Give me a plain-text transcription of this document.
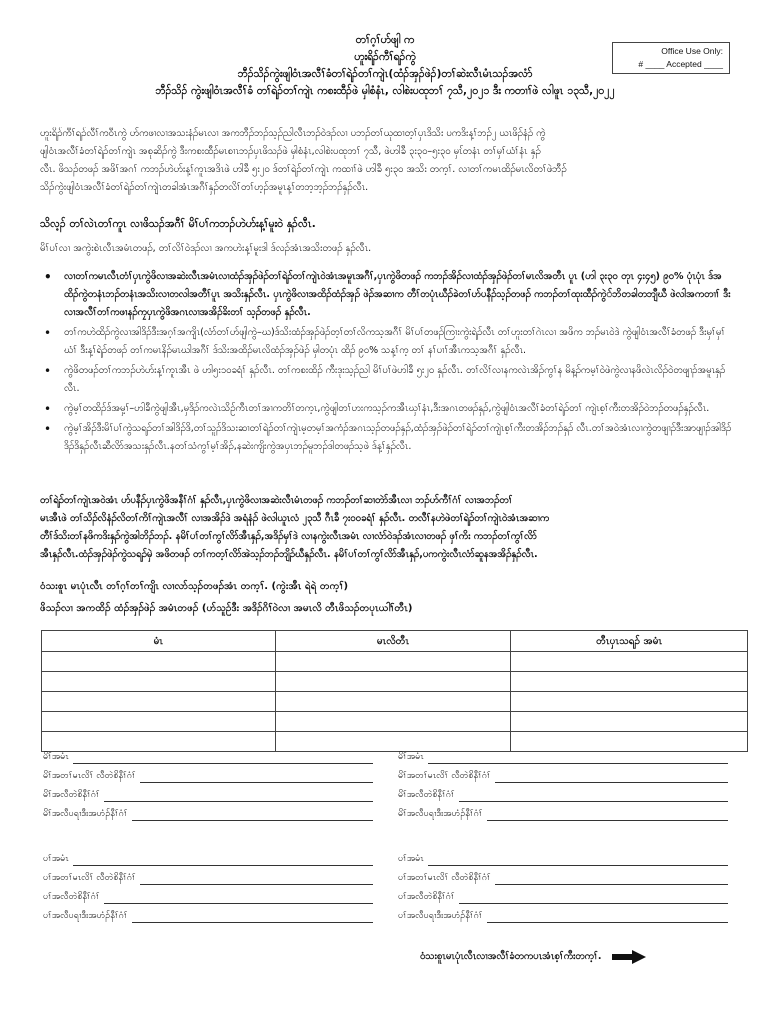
Office Use Only:
# ____ Accepted ____
တၢ်ဂ့ၢ်ဟ်ဖျါ က
ဟူးရိၣ်ကီၢ်ရၣ်ကွဲ
ဘီၣ်သိၣ်ကွဲးဖျါဝံၤအလီၢ်ခံတၢ်ရဲၣ်တၢ်ကျဲၤ(ထံၣ်အှၣ်ဖဲၣ်)တၢ်ဆဲးလီၤမံၤသၣ်အလံာ်
ဘီၣ်သိၣ် ကွဲးဖျါဝံၤအလီၢ်ခံ တၢ်ရဲၣ်တၢ်ကျဲၤ ကစးထီၣ်ဖဲ မှါစံနံၤ, လါစဲးပထုဘၢ် ၇သီ,၂၀၂၁ ဒီး ကတၢၢ်ဖဲ လါဖူၤ ၁၃သီ,၂၀၂၂
ဟူးရိၣ်ကီၢ်ရၣ်လီၢ်ကဝီၤကွဲ ဟ်ကဖၢလၢအသးနံၣ်မၤလၢ အကဘီၣ်ဘၣ်သ့ၣ်ညါလီၤဘၣ်ဝဲဒၣ်လၢ ပဘၣ်တၢ်ယုထၢတ့ၢ်ပှၤဒိသိး ပကဒိးန့ၢ်ဘၣ်၂ ယၤဖိၣ်နံၣ် ကွဲ
ဖျါဝံၤအလီၢ်ခံတၢ်ရဲၣ်တၢ်ကျဲၤ အစုဆိၣ်ကွဲ ဒီးကစးထီၣ်မၤစၢၤဘၣ်ပှၤဖိသၣ်ဖဲ မှါစံနံၤ,လါစဲးပထုဘၢ် ၇သီ, ဖဲဟါခီ ၃း၃၀–၅း၃၀ မှၤ်တနံၤ တၢ်မှၢ်ယံၢ်နံၤ နှၣ်
လီၤ. ဖိသၣ်တဖၣ် အဖိၢ်အဂၢ် ကဘၣ်ဟဲဟ်းန့ၢ်ကူၤအဒိၤဖဲ ဟါခီ ၅း၂၀ ဒ်တၢ်ရဲၣ်တၢ်ကျဲၤ ကထၢၢ်ဖဲ ဟါခီ ၅း၃၀ အသိး တက့ၢ်. လၢတၢ်ကမၤထိၣ်မၤလိတၢ်ဖဲဘီၣ်
သိၣ်ကွဲးဖျါဝံၤအလီၢ်ခံတၢ်ရဲၣ်တၢ်ကျဲၤတခါအံၤအဂီၢ်နှၣ်တလိၢ်တၢ်ဟ့ၣ်အမူၤန့ၢ်တဘ့ဘ့ၣ်ဘၣ်နှၣ်လီၤ.
သိလ့ၣ် တၢ်လဲၤတၢ်ကူၤ လၢဖိသၣ်အဂီၢ် မိၢ်ပၢ်ကဘၣ်ဟဲဟ်းန့ၢ်မူးဝဲ နှၣ်လီၤ.
မိၢ်ပၢ်လၢ အကွဲးစဲၤလီၤအမံၤတဖၣ်, တၢ်လိၢ်ဝဲဒၣ်လၢ အကဟဲးန့ၢ်မူးဒါ ဒ်လၣ်အံၤအသိးတဖၣ် နှၣ်လီၤ.
• လၢတၢ်ကမၤလီၤတံၢ်ပှၤကွဲဖိလၢအဆဲးလီၤအမံၤလၢထံၣ်အှၣ်ဖဲၣ်တၢ်ရဲၣ်တၢ်ကျဲၤဝဲအံၤအမူၤအဂီၢ်,ပှၤကွဲဖိတဖၣ် ကဘၣ်အိၣ်လၢထံၣ်အှၣ်ဖဲၣ်တၢ်မၤလိအတီၤ ပူၤ (ဟါ ၃း၃၀ တုၤ ၄း၄၅) ၉၀% ပုံၤပုံၤ ဒ်အထိၣ်ကွဲတနံၤဘၣ်တနံၤအသိးလၢတလါအတီၢ်ပူၤ အသိးနှၣ်လီၤ. ပှၤကွဲဖိလၢအထိၣ်ထံၣ်အှၣ် ဖဲၣ်အဆၢက တီၢ်တပုံၤဃီၣ်ခဲတၢ်ဟ်ပနီၣ်သ့ၣ်တဖၣ် ကဘၣ်တၢ်ထုးထီၣ်ကွဲ်ဘိတခါတဘျီဃီ ဖဲလါအကတၢၢ် ဒီးလၢအလီၢ်တၢ်ကဖၢနၣ်ကၠပှၤကွဲဖိအဂၤလၢအအိၣ်ခိးတၢ် သ့ၣ်တဖၣ် နှၣ်လီၤ.
• တၢ်ကဟဲထိၣ်ကွဲလၢအါဒိၣ်ဒီးအဂ့ၢ်အကျိၤ(လံာ်တၢ်ဟ်ဖျါကွဲ–ဃ)ဒ်သိးထံၣ်အှၣ်ဖဲၣ်တ့ၢ်တၢ်လိကသ့အဂီၢ် မိၢ်ပၢ်တဖၣ်ကြၢးကွဲးရဲၣ်လီၤ တၢ်ဟူးတၢ်ဂဲၤလၢ အဖိက ဘၣ်မၤဝဲဒဲ ကွဲဖျါဝံၤအလီၢ်ခံတဖၣ် ဒီးမှၢ်မှၢ်ဃံၢ် ဒီးန့ၢ်ရဲၣ်တဖၣ် တၢ်ကမၤနိၣ်မၤဃါအဂီၢ် ဒ်သိးအထိၣ်မၤလိထံၣ်အှၣ်ဖဲၣ် မှါတပုံၤ ထိၣ် ၉၀% သန့ၢ်က့ တၢ် နၢ်ပၢၢ်အီၤကသ့အဂီၢ် နှၣ်လီၤ.
• ကွဲဖိတဖၣ်တၢ်ကဘၣ်ဟဲဟ်းန့ၢ်ကူၤအီၤ ဖဲ ဟါ၅း၁၀ခရံၢ် နှၣ်လီၤ. တၢ်ကစးထိၣ် ကီးဒုးသ့ၣ်ညါ မိၢ်ပၢ်ဖဲဟါခီ ၅း၂၀ နှၣ်လီၤ. တၢ်လိၢ်လၢနကလဲၤအိၣ်ကွၢ်န မိန့ၣ်ကမ့ၢ်ဝဲဖဲကွဲလၢနဖိလဲၤလိၣ်ဝဲတဖျၢၣ်အမူၤနှၣ်လီၤ.
• ကွဲမ့ၢ်တထိၣ်ဒ်အမှ့ၢ်–ဟါခီကွဲဖျါအီၤ,မှဒိၣ်ကလဲၤသိဉ်ကီၤတၢ်အၢကတိၢ်တက့ၤ,ကွဲဖျါတၢ်ဟးကသ့ၣ်ကအီၤဃှၢ်နံၤ,ဒီးအဂၤတဖၣ်နှၣ်,ကွဲဖျါဝံၤအလီၢ်ခံတၢ်ရဲၣ်တၢ် ကျဲၤစ့ၢ်ကီးတအိၣ်ဝဲဘၣ်တဖၣ်နှၣ်လီၤ.
• ကွဲမ့ၢ်အိၣ်ဒီးမိၢ်ပၢ်ကွဲသရၣ်တၢ်အါဒိၣ်ဒိ,တၢ်သူၣ်ဒိသးဆၢတၢ်ရဲၣ်တၢ်ကျဲၤမ့တမ့ၢ်အကံၣ်အဂၤသ့ၣ်တဖၣ်နှၣ်,ထံၣ်အှၣ်ဖဲၣ်တၢ်ရဲၣ်တၢ်ကျဲၤစ့ၢ်ကီးတအိၣ်ဘၣ်နှၣ် လီၤ.တၢ်အဝဲအံၤလၢကွဲတဖျၢၣ်ဒီးအာဖျၢၣ်အါဒိၣ်ဒိၣ်ဒိနှၣ်လီၤဆီလိာ်အသးနှၣ်လီၤ.နတၢ်သံကွၢ်မ့ၢ်အိၣ်,နဆဲးကျိးကွဲအပှၤဘၣ်မူဘၣ်ဒါတဖၣ်သ့ဖဲ ဒ်န့ၢ်နှၣ်လီၤ.
တၢ်ရဲၣ်တၢ်ကျဲၤအဝဲအံၤ ဟ်ပနီၣ်ပှၤကွဲဖိအနီၢ်ဂံၢ် နှၣ်လီၤ,ပှၤကွဲဖိလၢအဆဲးလီၤမံၤတဖၣ် ကဘၣ်တၢ်ဆၢတဲာ်အီၤလၢ ဘၣ်ဟ်ကီၢ်ဂံၢ် လၢအဘၣ်တၢ်
မၤအီၤဖဲ တၢ်သိၣ်လိနံၣ်လိတၢ်ကိၢ်ကျဲၤအလီၢ် လၢအအိၣ်ဒဲ အရံနံၣ် ဖဲလါယူၤလံ ၂၃သီ ဂီၤခီ ၇း၀၀ခရံၢ် နှၣ်လီၤ. တလီၢ်နဟဲဖဲတၢ်ရဲၣ်တၢ်ကျဲၤဝဲအံၤအဆၢက
တီၢ်ဒ်သိးတၢ်နဖိကဒိးနှၣ်ကွဲအါဘိၣ်ဘၣ်. နမိၢ်ပၢ်တၢ်ကွၢ်လိာ်အီၤနှၣ်,အဒိၣ်မှၢ်ဒဲ လၢနကွဲးလီၤအမံၤ လၢလံာ်ဝဲဒၣ်အံၤလၢတဖၣ် ဖှၢ်ကိး ကဘၣ်တၢ်ကွၢ်လိာ်
အီၤနှၣ်လီၤ.ထံၣ်အှၣ်ဖဲၣ်ကွဲသရၣ်မှဲ အဖိတဖၣ် တၢ်ကတ့ၢ်လိာ်အဲသ့ၣ်ဘၣ်ဘျိၣ်ဃီနှၣ်လီၤ. နမိၢ်ပၢ်တၢ်ကွၢ်လိာ်အီၤနှၣ်,ပကကွဲးလီၤလံာ်ဆူနအအိၣ်နှၣ်လီၤ.
ဝံသးစူၤ မၤပုံၤလီၤ တၢ်ဂ့ၢ်တၢ်ကျိၤ လၢလာ်သ့ၣ်တဖၣ်အံၤ တက့ၢ်. (ကွဲးအီၤ ရဲရဲ တက့ၢ်)
ဖိသၣ်လၢ အကထိၣ် ထံၣ်အှၣ်ဖဲၣ် အမံၤတဖၣ် (ဟ်သူဉ်ဒီး အဒိၣ်ဂိၢ်ဝဲလၢ အမၤလိ တီၤဖိသၣ်တပုၤယါၢ်တီၤ)
မံၤ	မၤလိတီၤ	တီၤပှၤသရၣ် အမံၤ

မိၢ်အမံၤ
မိၢ်အတၢ်မၤလိၢ် လီတဲစိနီၢ်ဂံၢ်
မိၢ်အလီတဲစိနီၢ်ဂံၢ်
မိၢ်အလီပရၢဒီးအဟံၣ်နီၢ်ဂံၢ်
မိၢ်အမံၤ
မိၢ်အတၢ်မၤလိၢ် လီတဲစိနီၢ်ဂံၢ်
မိၢ်အလီတဲစိနီၢ်ဂံၢ်
မိၢ်အလီပရၢဒီးအဟံၣ်နီၢ်ဂံၢ်
ပၢ်အမံၤ
ပၢ်အတၢ်မၤလိၢ် လီတဲစိနီၢ်ဂံၢ်
ပၢ်အလီတဲစိနီၢ်ဂံၢ်
ပၢ်အလီပရၢဒီးအဟံၣ်နီၢ်ဂံၢ်
ပၢ်အမံၤ
ပၢ်အတၢ်မၤလိၢ် လီတဲစိနီၢ်ဂံၢ်
ပၢ်အလီတဲစိနီၢ်ဂံၢ်
ပၢ်အလီပရၢဒီးအဟံၣ်နီၢ်ဂံၢ်
ဝံသးစူၤမၤပုံၤလီၤလၢအလီၢ်ခံတကပၤအံၤစ့ၢ်ကီးတက့ၢ်.
